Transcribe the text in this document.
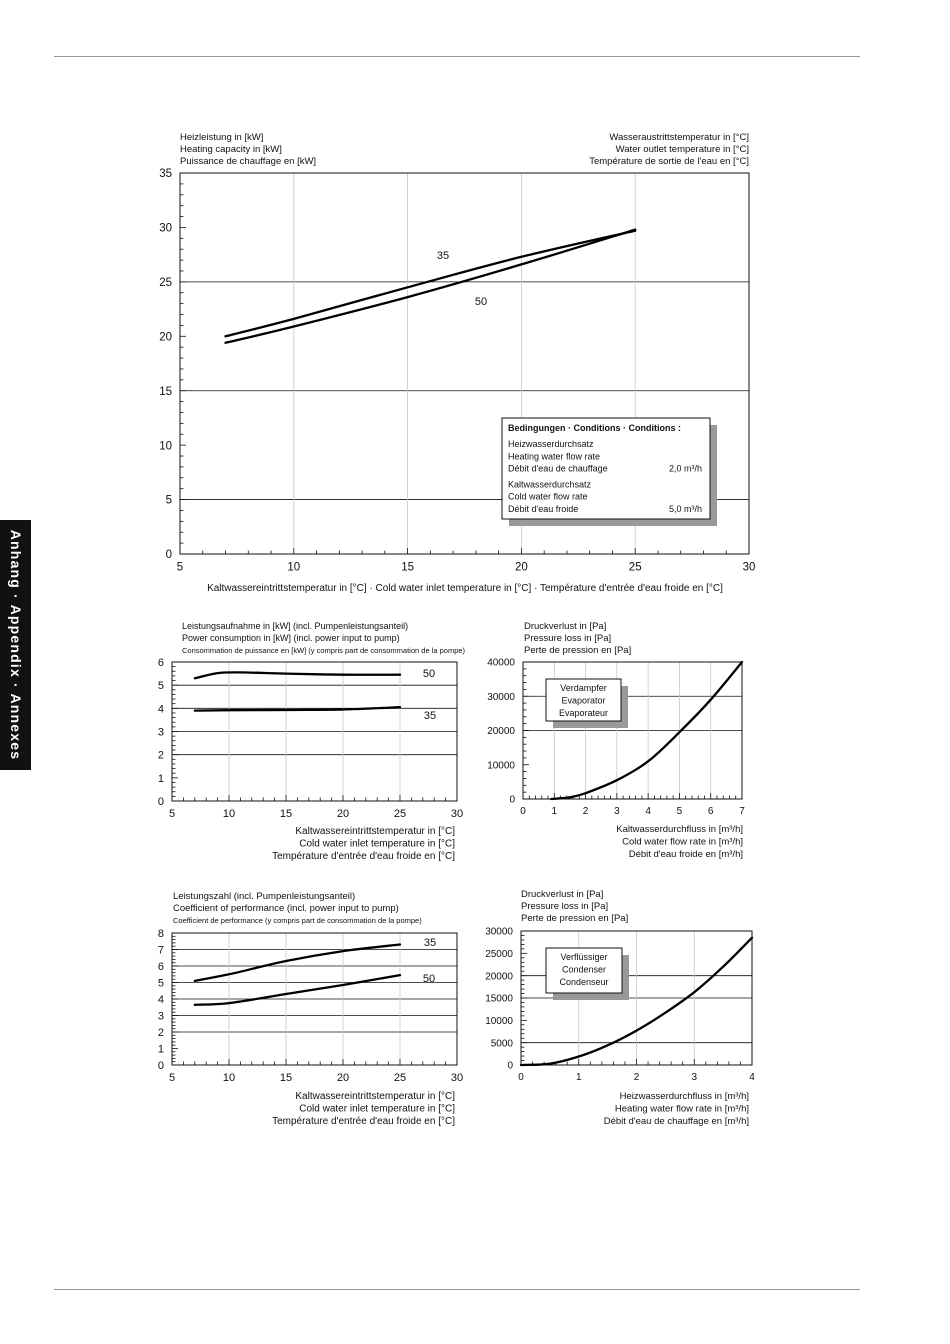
Anhang · Appendix · Annexes	5	10	15	20	25	30
0
5
10
15
20
25
30
35
Heizleistung in [kW]
Heating capacity in [kW]
Puissance de chauffage en [kW]
Wasseraustrittstemperatur in [°C]
Water outlet temperature in [°C]
Température de sortie de l'eau en [°C]
Kaltwassereintrittstemperatur in [°C] · Cold water inlet temperature in [°C] · Température d'entrée d'eau froide en [°C]
35
50
Bedingungen · Conditions · Conditions :
Heizwasserdurchsatz
Heating water flow rate
Débit d'eau de chauffage	2,0 m³/h
Kaltwasserdurchsatz
Cold water flow rate
Débit d'eau froide	5,0 m³/h
5	10	15	20	25	30
0
1
2
3
4
5
6
Leistungsaufnahme in [kW] (incl. Pumpenleistungsanteil)
Power consumption in [kW] (incl. power input to pump)
Consommation de puissance en [kW] (y compris part de consommation de la pompe)
Kaltwassereintrittstemperatur in [°C]
Cold water inlet temperature in [°C]
Température d'entrée d'eau froide en [°C]
50
35
0	1	2	3	4	5	6	7
0
10000
20000
30000
40000
Druckverlust in [Pa]
Pressure loss in [Pa]
Perte de pression en [Pa]
Kaltwasserdurchfluss in [m³/h]
Cold water flow rate in [m³/h]
Débit d'eau froide en [m³/h]
Verdampfer
Evaporator
Evaporateur
5	10	15	20	25	30
0
1
2
3
4
5
6
7
8
Leistungszahl (incl. Pumpenleistungsanteil)
Coefficient of performance (incl. power input to pump)
Coefficient de performance (y compris part de consommation de la pompe)
Kaltwassereintrittstemperatur in [°C]
Cold water inlet temperature in [°C]
Température d'entrée d'eau froide en [°C]
35
50
0	1	2	3	4
0
5000
10000
15000
20000
25000
30000
Druckverlust in [Pa]
Pressure loss in [Pa]
Perte de pression en [Pa]
Heizwasserdurchfluss in [m³/h]
Heating water flow rate in [m³/h]
Débit d'eau de chauffage en [m³/h]
Verflüssiger
Condenser
Condenseur
